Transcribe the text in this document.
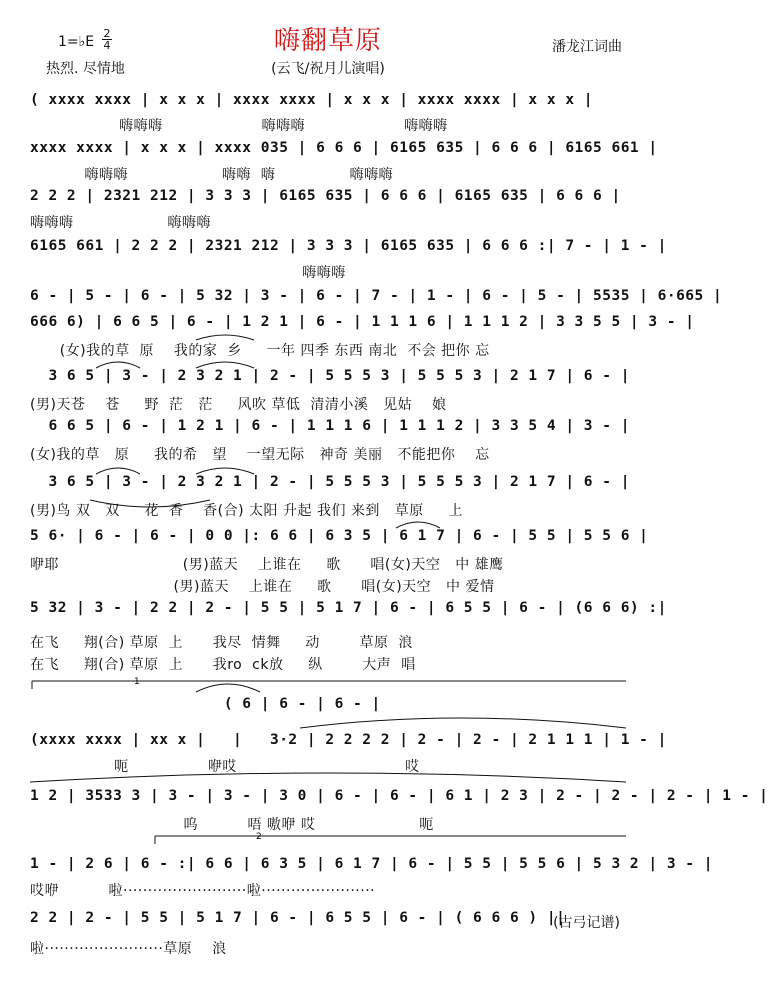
嗨翻草原
1=♭E
2
4
热烈. 尽情地	(云飞/祝月儿演唱)
潘龙江词曲
( xxxx xxxx | x x x | xxxx xxxx | x x x | xxxx xxxx | x x x |
嗨嗨嗨                    嗨嗨嗨                    嗨嗨嗨
xxxx xxxx | x x x | xxxx 035 | 6 6 6 | 6165 635 | 6 6 6 | 6165 661 |
嗨嗨嗨                   嗨嗨  嗨               嗨嗨嗨
2 2 2 | 2321 212 | 3 3 3 | 6165 635 | 6 6 6 | 6165 635 | 6 6 6 |
嗨嗨嗨                   嗨嗨嗨
6165 661 | 2 2 2 | 2321 212 | 3 3 3 | 6165 635 | 6 6 6 :| 7 - | 1 - |
嗨嗨嗨
6 - | 5 - | 6 - | 5 32 | 3 - | 6 - | 7 - | 1 - | 6 - | 5 - | 5535 | 6·665 |
666 6) | 6 6 5 | 6 - | 1 2 1 | 6 - | 1 1 1 6 | 1 1 1 2 | 3 3 5 5 | 3 - |
(女)我的草  原    我的家  乡     一年 四季 东西 南北  不会 把你 忘
3 6 5 | 3 - | 2 3 2 1 | 2 - | 5 5 5 3 | 5 5 5 3 | 2 1 7 | 6 - |
(男)天苍    苍     野  茫   茫     风吹 草低  清清小溪   见姑    娘
6 6 5 | 6 - | 1 2 1 | 6 - | 1 1 1 6 | 1 1 1 2 | 3 3 5 4 | 3 - |
(女)我的草   原     我的希   望    一望无际   神奇 美丽   不能把你    忘
3 6 5 | 3 - | 2 3 2 1 | 2 - | 5 5 5 3 | 5 5 5 3 | 2 1 7 | 6 - |
(男)鸟 双   双     花  香    香(合) 太阳 升起 我们 来到   草原     上
5 6· | 6 - | 6 - | 0 0 |: 6 6 | 6 3 5 | 6 1 7 | 6 - | 5 5 | 5 5 6 |
咿耶                         (男)蓝天    上谁在     歌      唱(女)天空   中 雄鹰
(男)蓝天    上谁在     歌      唱(女)天空   中 爱情
5 32 | 3 - | 2 2 | 2 - | 5 5 | 5 1 7 | 6 - | 6 5 5 | 6 - | (6 6 6) :|
在飞     翔(合) 草原  上      我尽  情舞     动        草原  浪
在飞     翔(合) 草原  上      我ro  ck放     纵        大声  唱
( 6 | 6 - | 6 - |
(xxxx xxxx | xx x |   |   3·2 | 2 2 2 2 | 2 - | 2 - | 2 1 1 1 | 1 - |
呃                咿哎                                  哎
1 2 | 3533 3 | 3 - | 3 - | 3 0 | 6 - | 6 - | 6 1 | 2 3 | 2 - | 2 - | 2 - | 1 - |
呜          唔 嗷咿 哎                     呃
1 - | 2 6 | 6 - :| 6 6 | 6 3 5 | 6 1 7 | 6 - | 5 5 | 5 5 6 | 5 3 2 | 3 - |
哎咿          啦·························啦·······················
2 2 | 2 - | 5 5 | 5 1 7 | 6 - | 6 5 5 | 6 - | ( 6 6 6 ) ||
啦························草原    浪
1
2
(古弓记谱)
